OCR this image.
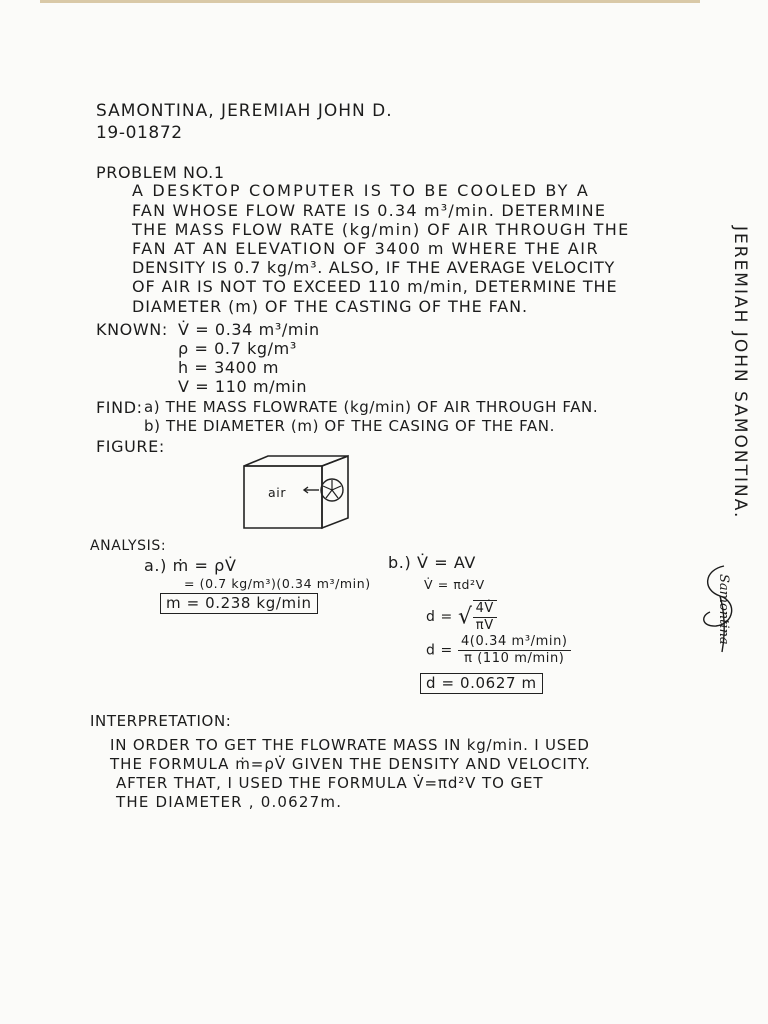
SAMONTINA, JEREMIAH JOHN D.
19-01872
PROBLEM NO.1
A DESKTOP COMPUTER IS TO BE COOLED BY A
FAN WHOSE FLOW RATE IS 0.34 m³/min. DETERMINE
THE MASS FLOW RATE (kg/min) OF AIR THROUGH THE
FAN AT AN ELEVATION OF 3400 m WHERE THE AIR
DENSITY IS 0.7 kg/m³. ALSO, IF THE AVERAGE VELOCITY
OF AIR IS NOT TO EXCEED 110 m/min, DETERMINE THE
DIAMETER (m) OF THE CASTING OF THE FAN.
KNOWN: V̇ = 0.34 m³/min
ρ = 0.7 kg/m³
h = 3400 m
V = 110 m/min
FIND: a) THE MASS FLOWRATE (kg/min) OF AIR THROUGH FAN.
b) THE DIAMETER (m) OF THE CASING OF THE FAN.
FIGURE:
air
ANALYSIS:
a.) ṁ = ρV̇
= (0.7 kg/m³)(0.34 m³/min)
m = 0.238 kg/min
b.) V̇ = AV
V̇ = πd²V
d = √ $\frac{4V̇}{\pi V}$
$d = \frac{\text{4(0.34 m³/min)}}{\pi (110 m/\min)}$
d = 0.0627 m
INTERPRETATION:
IN ORDER TO GET THE FLOWRATE MASS IN kg/min. I USED
THE FORMULA ṁ=ρV̇ GIVEN THE DENSITY AND VELOCITY.
AFTER THAT, I USED THE FORMULA V̇=πd²V TO GET
THE DIAMETER , 0.0627m.
JEREMIAH JOHN SAMONTINA.
Samontina
